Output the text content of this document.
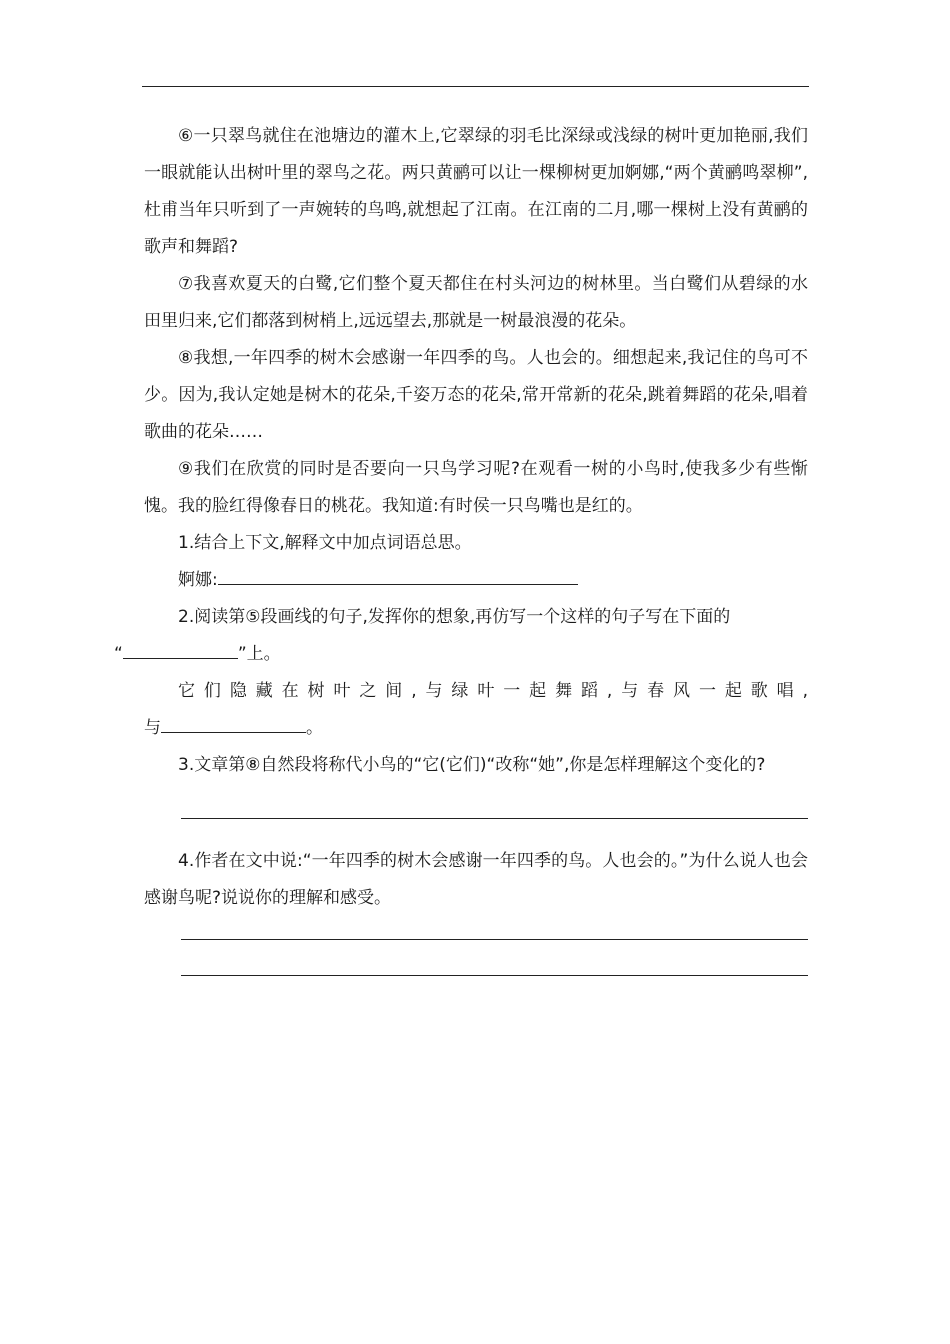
⑥一只翠鸟就住在池塘边的灌木上,它翠绿的羽毛比深绿或浅绿的树叶更加艳丽,我们一眼就能认出树叶里的翠鸟之花。两只黄鹂可以让一棵柳树更加婀娜,“两个黄鹂鸣翠柳”,杜甫当年只听到了一声婉转的鸟鸣,就想起了江南。在江南的二月,哪一棵树上没有黄鹂的歌声和舞蹈?

⑦我喜欢夏天的白鹭,它们整个夏天都住在村头河边的树林里。当白鹭们从碧绿的水田里归来,它们都落到树梢上,远远望去,那就是一树最浪漫的花朵。

⑧我想,一年四季的树木会感谢一年四季的鸟。人也会的。细想起来,我记住的鸟可不少。因为,我认定她是树木的花朵,千姿万态的花朵,常开常新的花朵,跳着舞蹈的花朵,唱着歌曲的花朵……

⑨我们在欣赏的同时是否要向一只鸟学习呢?在观看一树的小鸟时,使我多少有些惭愧。我的脸红得像春日的桃花。我知道:有时侯一只鸟嘴也是红的。

1.结合上下文,解释文中加点词语总思。

婀娜:

2.阅读第⑤段画线的句子,发挥你的想象,再仿写一个这样的句子写在下面的
“	”上。

它们隐藏在树叶之间,与绿叶一起舞蹈,与春风一起歌唱,

与	。

3.文章第⑧自然段将称代小鸟的“它(它们)“改称“她”,你是怎样理解这个变化的?

4.作者在文中说:“一年四季的树木会感谢一年四季的鸟。人也会的。”为什么说人也会感谢鸟呢?说说你的理解和感受。
